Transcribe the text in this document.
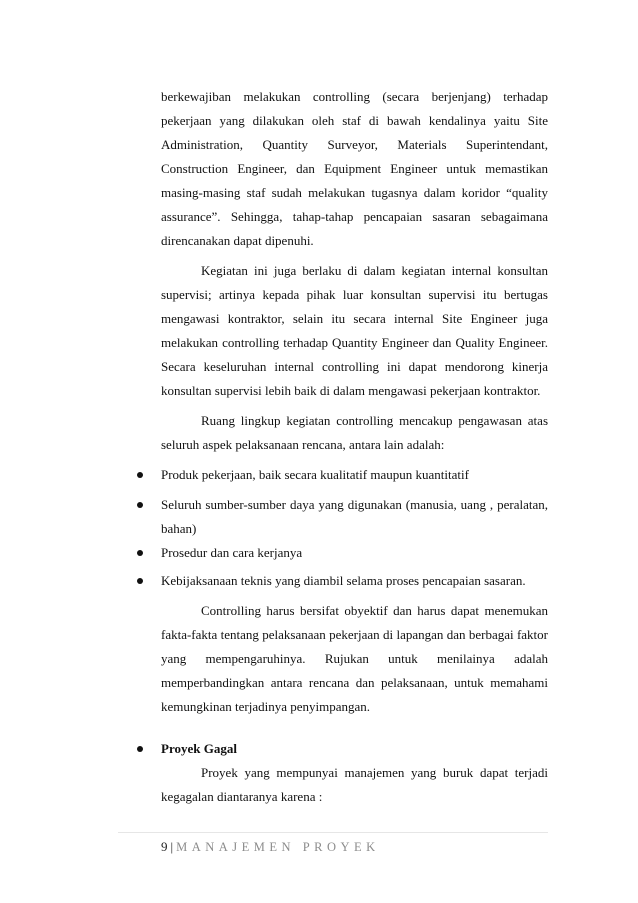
berkewajiban melakukan controlling (secara berjenjang) terhadap
pekerjaan yang dilakukan oleh staf di bawah kendalinya yaitu Site
Administration, Quantity Surveyor, Materials Superintendant,
Construction Engineer, dan Equipment Engineer untuk memastikan
masing-masing staf sudah melakukan tugasnya dalam koridor “quality
assurance”. Sehingga, tahap-tahap pencapaian sasaran sebagaimana
direncanakan dapat dipenuhi.
Kegiatan ini juga berlaku di dalam kegiatan internal konsultan
supervisi; artinya kepada pihak luar konsultan supervisi itu bertugas
mengawasi kontraktor, selain itu secara internal Site Engineer juga
melakukan controlling terhadap Quantity Engineer dan Quality Engineer.
Secara keseluruhan internal controlling ini dapat mendorong kinerja
konsultan supervisi lebih baik di dalam mengawasi pekerjaan kontraktor.
Ruang lingkup kegiatan controlling mencakup pengawasan atas
seluruh aspek pelaksanaan rencana, antara lain adalah:
Produk pekerjaan, baik secara kualitatif maupun kuantitatif
Seluruh sumber-sumber daya yang digunakan (manusia, uang , peralatan,
bahan)
Prosedur dan cara kerjanya
Kebijaksanaan teknis yang diambil selama proses pencapaian sasaran.
Controlling harus bersifat obyektif dan harus dapat menemukan
fakta-fakta tentang pelaksanaan pekerjaan di lapangan dan berbagai faktor
yang mempengaruhinya. Rujukan untuk menilainya adalah
memperbandingkan antara rencana dan pelaksanaan, untuk memahami
kemungkinan terjadinya penyimpangan.
Proyek Gagal
Proyek yang mempunyai manajemen yang buruk dapat terjadi
kegagalan diantaranya karena :
9 | MANAJEMEN PROYEK
